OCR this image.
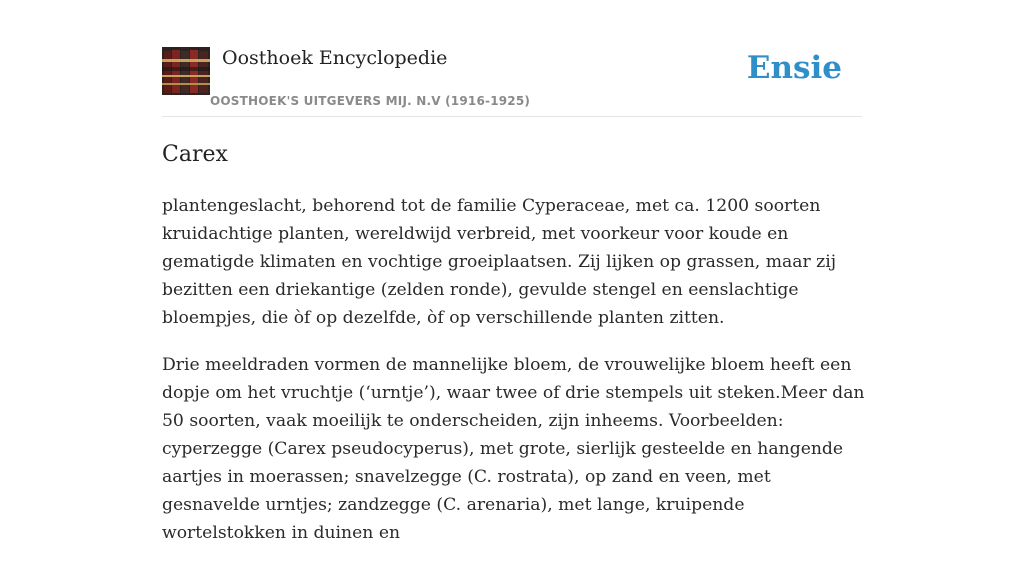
Oosthoek Encyclopedie
OOSTHOEK'S UITGEVERS MIJ. N.V (1916-1925)
Ensie
Carex

plantengeslacht, behorend tot de familie Cyperaceae, met ca. 1200 soorten kruidachtige planten, wereldwijd verbreid, met voorkeur voor koude en gematigde klimaten en vochtige groeiplaatsen. Zij lijken op grassen, maar zij bezitten een driekantige (zelden ronde), gevulde stengel en eenslachtige bloempjes, die òf op dezelfde, òf op verschillende planten zitten.

Drie meeldraden vormen de mannelijke bloem, de vrouwelijke bloem heeft een dopje om het vruchtje (‘urntje’), waar twee of drie stempels uit steken.Meer dan 50 soorten, vaak moeilijk te onderscheiden, zijn inheems. Voorbeelden: cyperzegge (Carex pseudocyperus), met grote, sierlijk gesteelde en hangende aartjes in moerassen; snavelzegge (C. rostrata), op zand en veen, met gesnavelde urntjes; zandzegge (C. arenaria), met lange, kruipende wortelstokken in duinen en
